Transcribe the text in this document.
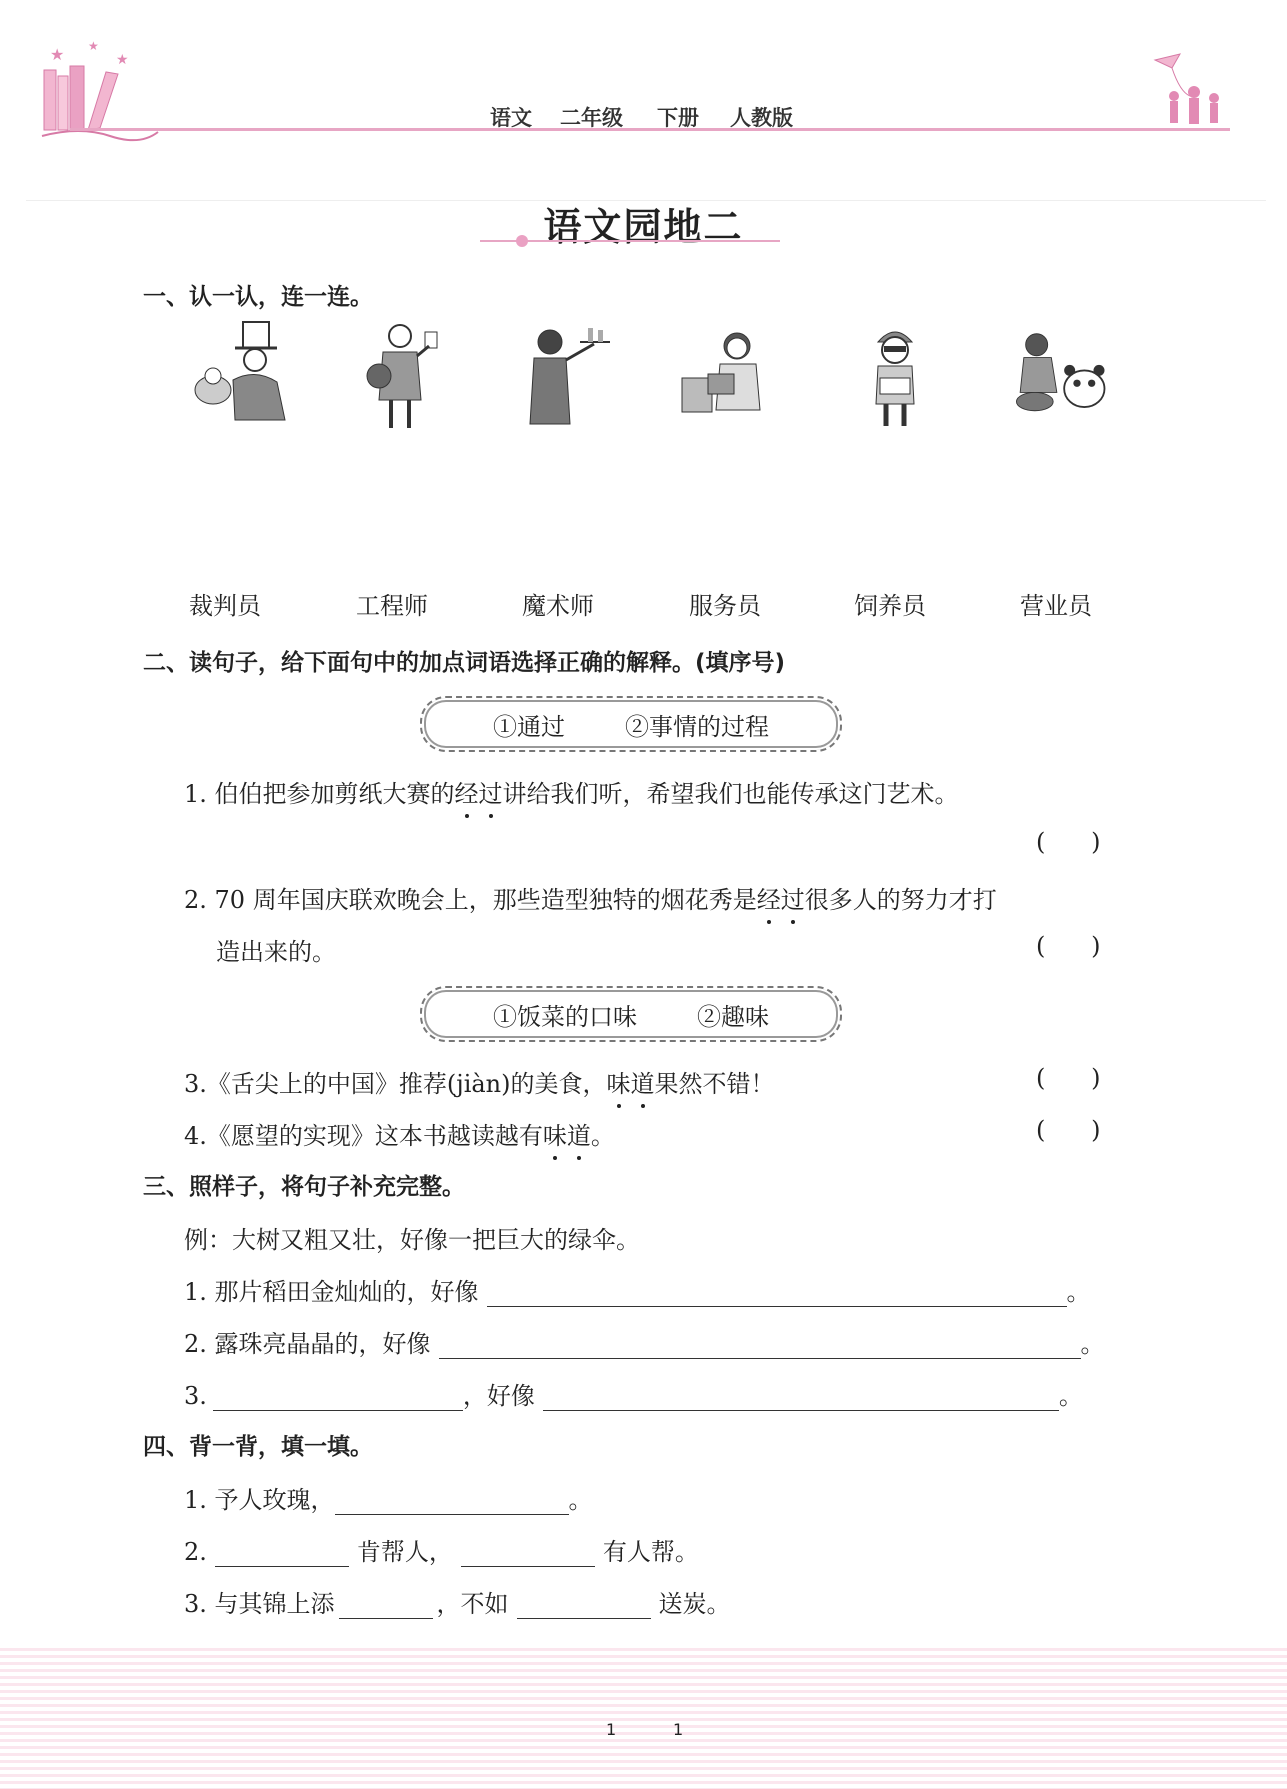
★ ★
★
语文 二年级 下册 人教版
语文园地二
一、认一认，连一连。
裁判员	工程师	魔术师	服务员	饲养员	营业员
二、读句子，给下面句中的加点词语选择正确的解释。(填序号)
①通过	②事情的过程
1. 伯伯把参加剪纸大赛的经过讲给我们听，希望我们也能传承这门艺术。
(      )
2. 70 周年国庆联欢晚会上，那些造型独特的烟花秀是经过很多人的努力才打
造出来的。	(      )
①饭菜的口味	②趣味
3.《舌尖上的中国》推荐(jiàn)的美食，味道果然不错！	(      )
4.《愿望的实现》这本书越读越有味道。	(      )
三、照样子，将句子补充完整。
例：大树又粗又壮，好像一把巨大的绿伞。
1. 那片稻田金灿灿的，好像	。
2. 露珠亮晶晶的，好像	。
3.	，好像	。
四、背一背，填一填。
1. 予人玫瑰，	。
2.	肯帮人，	有人帮。
3. 与其锦上添	，不如	送炭。
1	1
